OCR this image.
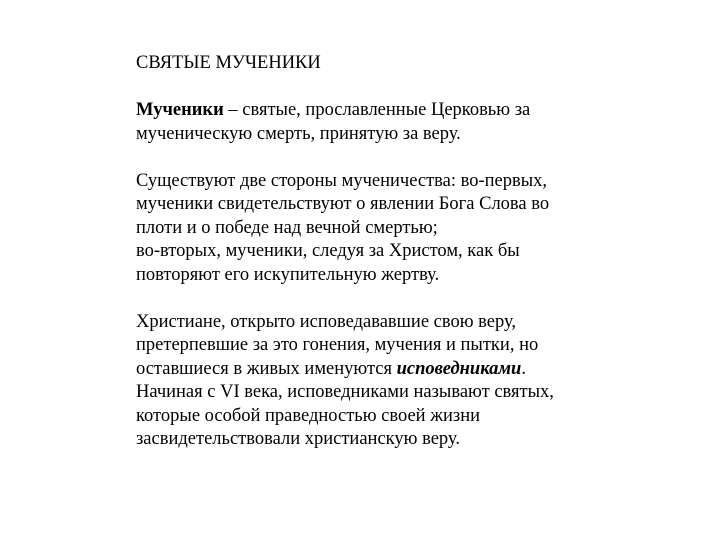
СВЯТЫЕ МУЧЕНИКИ
Мученики – святые, прославленные Церковью за
мученическую смерть, принятую за веру.
Существуют две стороны мученичества: во-первых,
мученики свидетельствуют о явлении Бога Слова во
плоти и о победе над вечной смертью;
во-вторых, мученики, следуя за Христом, как бы
повторяют его искупительную жертву.
Христиане, открыто исповедававшие свою веру,
претерпевшие за это гонения, мучения и пытки, но
оставшиеся в живых именуются исповедниками.
Начиная с VI века, исповедниками называют святых,
которые особой праведностью своей жизни
засвидетельствовали христианскую веру.
